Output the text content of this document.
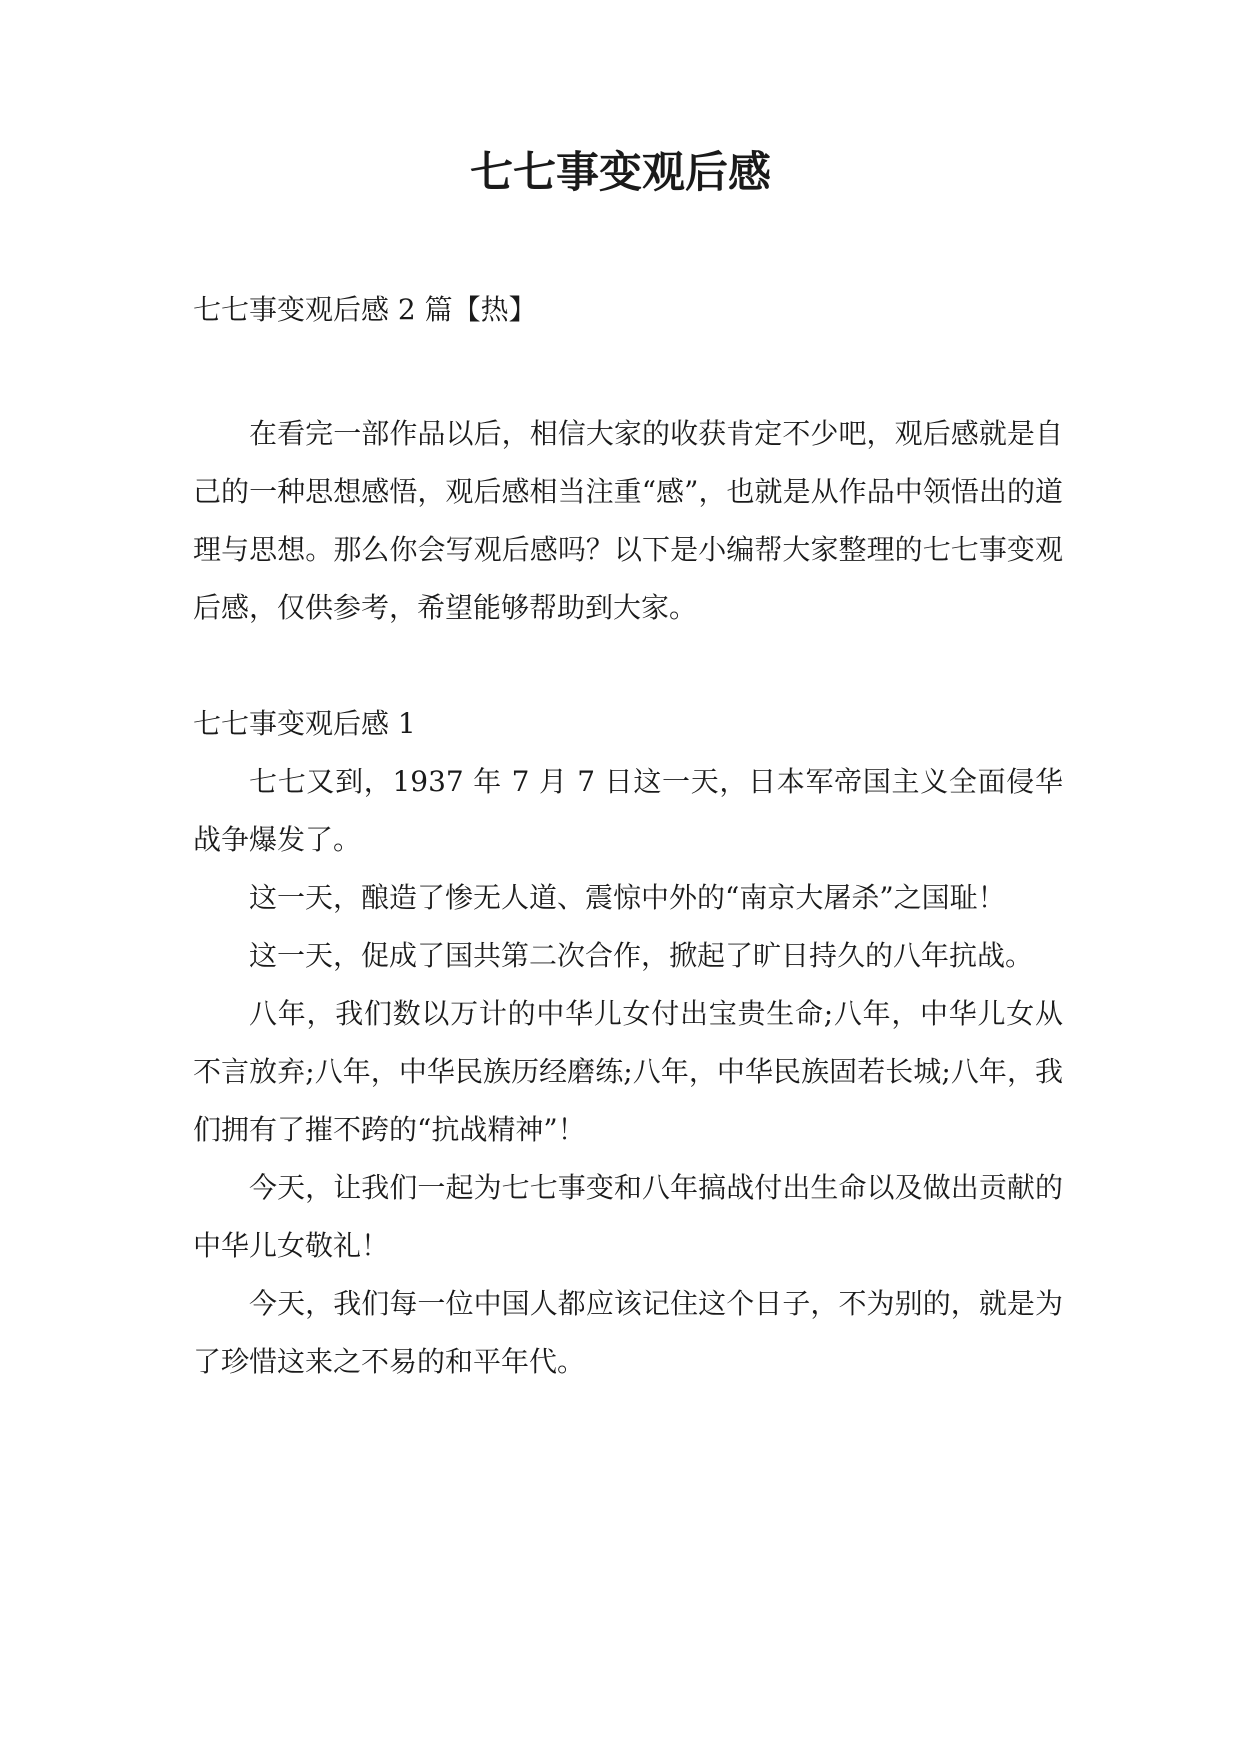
七七事变观后感
七七事变观后感 2 篇【热】

在看完一部作品以后，相信大家的收获肯定不少吧，观后感就是自己的一种思想感悟，观后感相当注重“感”，也就是从作品中领悟出的道理与思想。那么你会写观后感吗？以下是小编帮大家整理的七七事变观后感，仅供参考，希望能够帮助到大家。

七七事变观后感 1

七七又到，1937 年 7 月 7 日这一天，日本军帝国主义全面侵华战争爆发了。

这一天，酿造了惨无人道、震惊中外的“南京大屠杀”之国耻！

这一天，促成了国共第二次合作，掀起了旷日持久的八年抗战。

八年，我们数以万计的中华儿女付出宝贵生命;八年，中华儿女从不言放弃;八年，中华民族历经磨练;八年，中华民族固若长城;八年，我们拥有了摧不跨的“抗战精神”！

今天，让我们一起为七七事变和八年搞战付出生命以及做出贡献的中华儿女敬礼！

今天，我们每一位中国人都应该记住这个日子，不为别的，就是为了珍惜这来之不易的和平年代。
